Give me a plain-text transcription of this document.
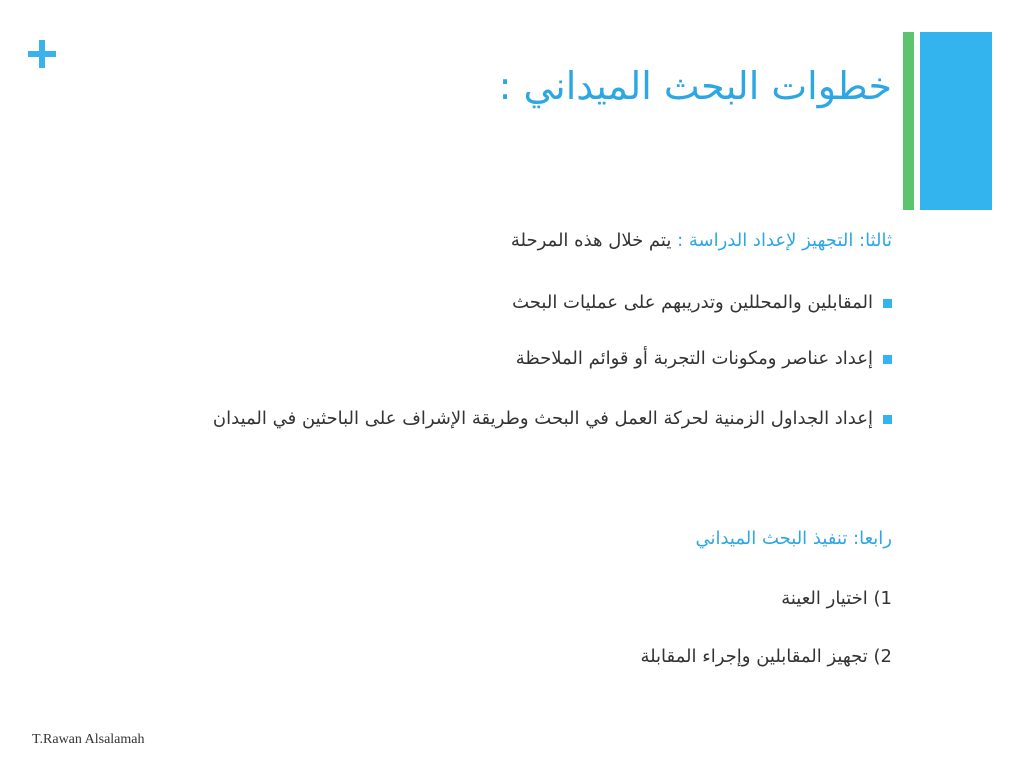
خطوات البحث الميداني :

ثالثا: التجهيز لإعداد الدراسة : يتم خلال هذه المرحلة

المقابلين والمحللين وتدريبهم على عمليات البحث

إعداد عناصر ومكونات التجربة أو قوائم الملاحظة

إعداد الجداول الزمنية لحركة العمل في البحث وطريقة الإشراف على الباحثين في الميدان

رابعا: تنفيذ البحث الميداني

1) اختيار العينة

2) تجهيز المقابلين وإجراء المقابلة

T.Rawan Alsalamah
